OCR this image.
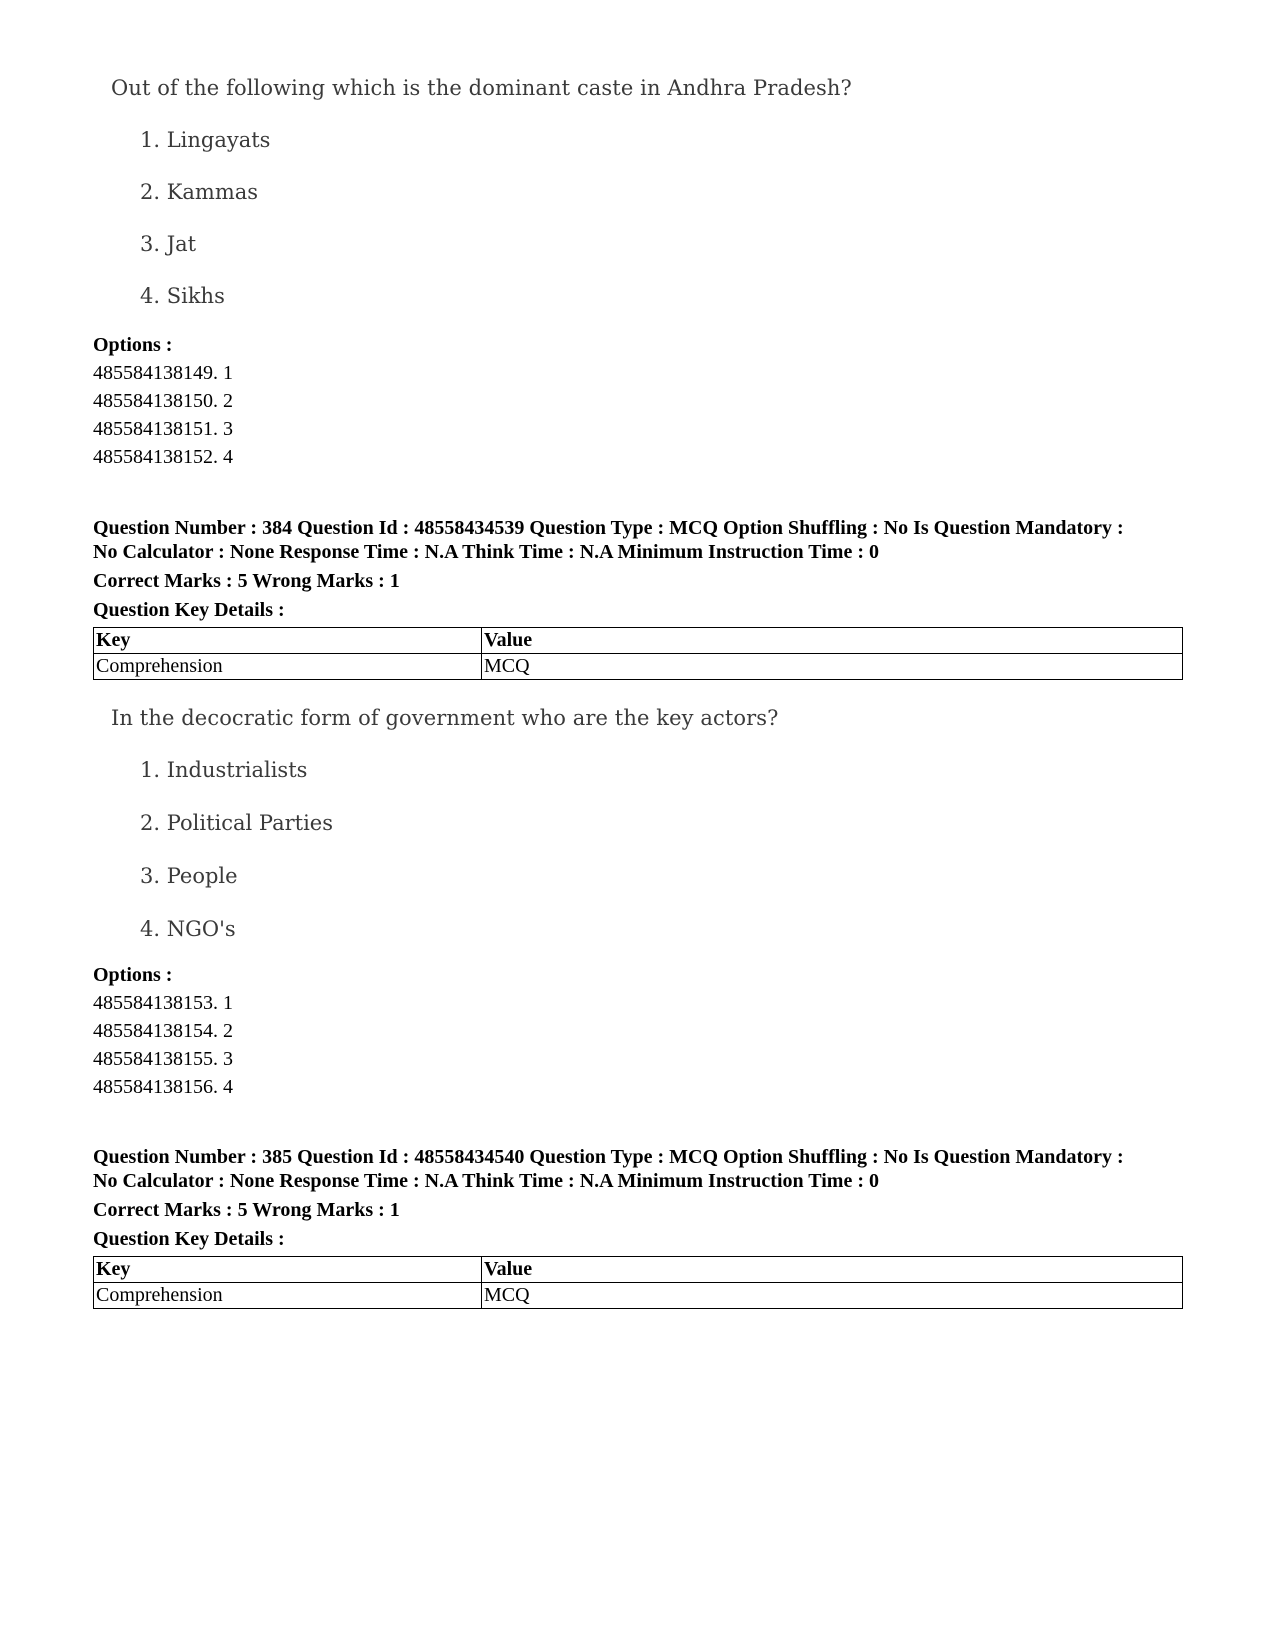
Out of the following which is the dominant caste in Andhra Pradesh?
1. Lingayats
2. Kammas
3. Jat
4. Sikhs
Options :
485584138149. 1
485584138150. 2
485584138151. 3
485584138152. 4
Question Number : 384 Question Id : 48558434539 Question Type : MCQ Option Shuffling : No Is Question Mandatory :
No Calculator : None Response Time : N.A Think Time : N.A Minimum Instruction Time : 0
Correct Marks : 5 Wrong Marks : 1
Question Key Details :
Key	Value
Comprehension	MCQ
In the decocratic form of government who are the key actors?
1. Industrialists
2. Political Parties
3. People
4. NGO's
Options :
485584138153. 1
485584138154. 2
485584138155. 3
485584138156. 4
Question Number : 385 Question Id : 48558434540 Question Type : MCQ Option Shuffling : No Is Question Mandatory :
No Calculator : None Response Time : N.A Think Time : N.A Minimum Instruction Time : 0
Correct Marks : 5 Wrong Marks : 1
Question Key Details :
Key	Value
Comprehension	MCQ
